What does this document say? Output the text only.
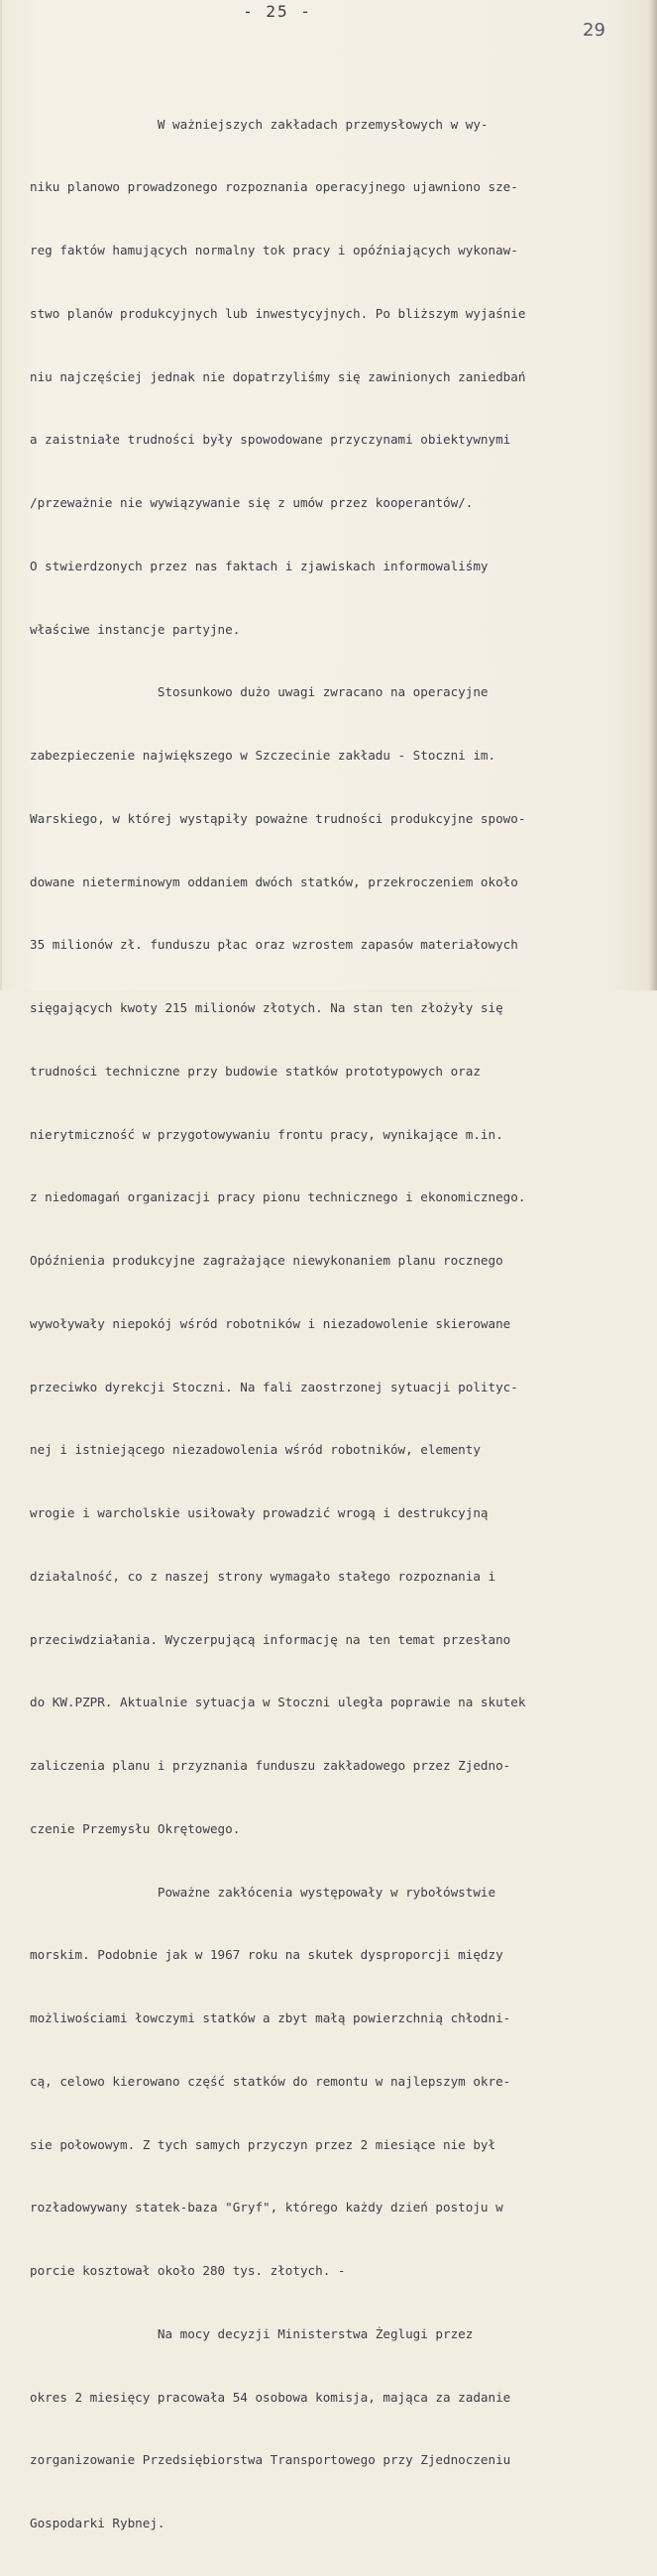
- 25 -
29

W ważniejszych zakładach przemysłowych w wy-

niku planowo prowadzonego rozpoznania operacyjnego ujawniono sze-

reg faktów hamujących normalny tok pracy i opóźniających wykonaw-

stwo planów produkcyjnych lub inwestycyjnych. Po bliższym wyjaśnie

niu najczęściej jednak nie dopatrzyliśmy się zawinionych zaniedbań

a zaistniałe trudności były spowodowane przyczynami obiektywnymi

/przeważnie nie wywiązywanie się z umów przez kooperantów/.

O stwierdzonych przez nas faktach i zjawiskach informowaliśmy

właściwe instancje partyjne.

Stosunkowo dużo uwagi zwracano na operacyjne

zabezpieczenie największego w Szczecinie zakładu - Stoczni im.

Warskiego, w której wystąpiły poważne trudności produkcyjne spowo-

dowane nieterminowym oddaniem dwóch statków, przekroczeniem około

35 milionów zł. funduszu płac oraz wzrostem zapasów materiałowych

sięgających kwoty 215 milionów złotych. Na stan ten złożyły się

trudności techniczne przy budowie statków prototypowych oraz

nierytmiczność w przygotowywaniu frontu pracy, wynikające m.in.

z niedomagań organizacji pracy pionu technicznego i ekonomicznego.

Opóźnienia produkcyjne zagrażające niewykonaniem planu rocznego

wywoływały niepokój wśród robotników i niezadowolenie skierowane

przeciwko dyrekcji Stoczni. Na fali zaostrzonej sytuacji polityc-

nej i istniejącego niezadowolenia wśród robotników, elementy

wrogie i warcholskie usiłowały prowadzić wrogą i destrukcyjną

działalność, co z naszej strony wymagało stałego rozpoznania i

przeciwdziałania. Wyczerpującą informację na ten temat przesłano

do KW.PZPR. Aktualnie sytuacja w Stoczni uległa poprawie na skutek

zaliczenia planu i przyznania funduszu zakładowego przez Zjedno-

czenie Przemysłu Okrętowego.

Poważne zakłócenia występowały w rybołówstwie

morskim. Podobnie jak w 1967 roku na skutek dysproporcji między

możliwościami łowczymi statków a zbyt małą powierzchnią chłodni-

cą, celowo kierowano część statków do remontu w najlepszym okre-

sie połowowym. Z tych samych przyczyn przez 2 miesiące nie był

rozładowywany statek-baza "Gryf", którego każdy dzień postoju w

porcie kosztował około 280 tys. złotych. -

Na mocy decyzji Ministerstwa Żeglugi przez

okres 2 miesięcy pracowała 54 osobowa komisja, mająca za zadanie

zorganizowanie Przedsiębiorstwa Transportowego przy Zjednoczeniu

Gospodarki Rybnej.
